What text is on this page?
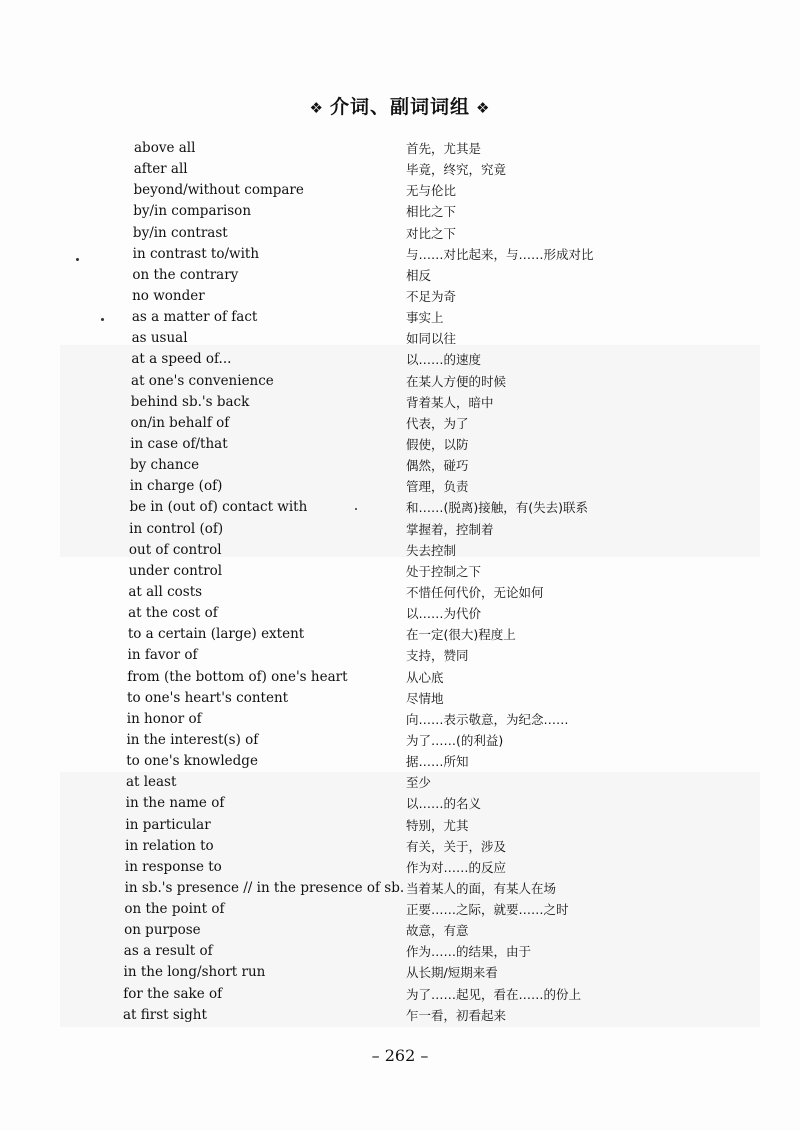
❖ 介词、副词词组 ❖
above all	首先，尤其是
after all	毕竟，终究，究竟
beyond/without compare	无与伦比
by/in comparison	相比之下
by/in contrast	对比之下
in contrast to/with	与……对比起来，与……形成对比
on the contrary	相反
no wonder	不足为奇
as a matter of fact	事实上
as usual	如同以往
at a speed of...	以……的速度
at one's convenience	在某人方便的时候
behind sb.'s back	背着某人，暗中
on/in behalf of	代表，为了
in case of/that	假使，以防
by chance	偶然，碰巧
in charge (of)	管理，负责
be in (out of) contact with	和……(脱离)接触，有(失去)联系
in control (of)	掌握着，控制着
out of control	失去控制
under control	处于控制之下
at all costs	不惜任何代价，无论如何
at the cost of	以……为代价
to a certain (large) extent	在一定(很大)程度上
in favor of	支持，赞同
from (the bottom of) one's heart	从心底
to one's heart's content	尽情地
in honor of	向……表示敬意，为纪念……
in the interest(s) of	为了……(的利益)
to one's knowledge	据……所知
at least	至少
in the name of	以……的名义
in particular	特别，尤其
in relation to	有关，关于，涉及
in response to	作为对……的反应
in sb.'s presence // in the presence of sb. 当着某人的面，有某人在场
on the point of	正要……之际，就要……之时
on purpose	故意，有意
as a result of	作为……的结果，由于
in the long/short run	从长期/短期来看
for the sake of	为了……起见，看在……的份上
at first sight	乍一看，初看起来
– 262 –
